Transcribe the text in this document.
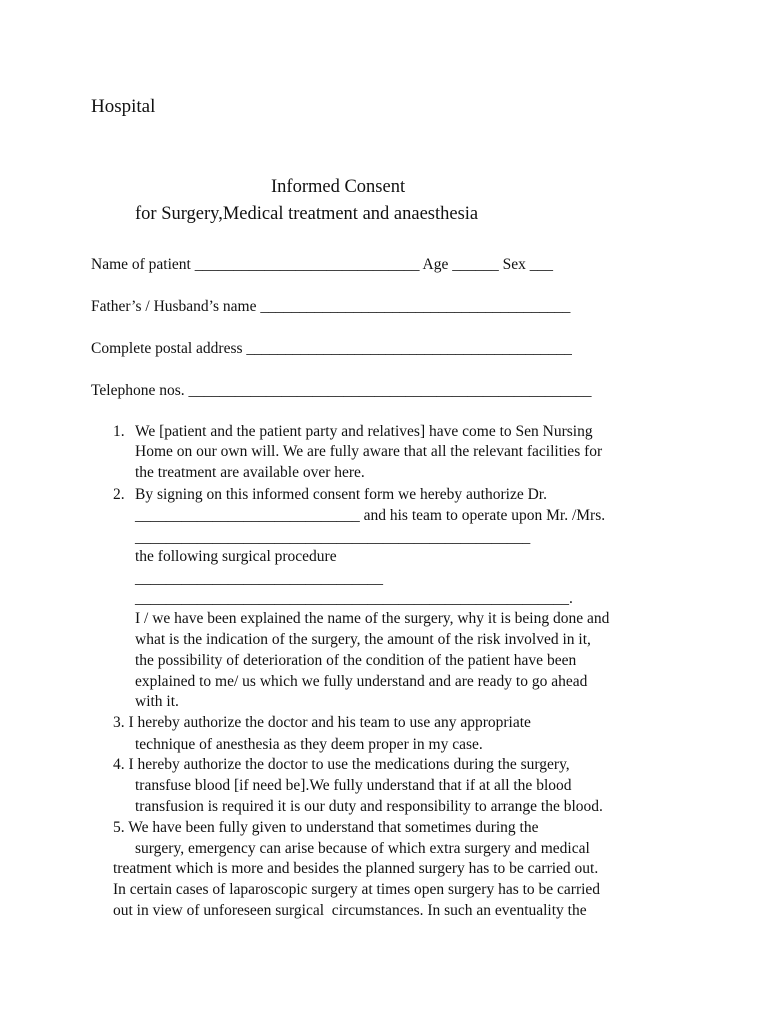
Hospital

Informed Consent

for Surgery,Medical treatment and anaesthesia

Name of patient _____________________________ Age ______ Sex ___

Father’s / Husband’s name ________________________________________

Complete postal address __________________________________________

Telephone nos. ____________________________________________________

1. We [patient and the patient party and relatives] have come to Sen Nursing

Home on our own will. We are fully aware that all the relevant facilities for

the treatment are available over here.

2. By signing on this informed consent form we hereby authorize Dr.

_____________________________ and his team to operate upon Mr. /Mrs.

___________________________________________________

the following surgical procedure

________________________________

________________________________________________________.

I / we have been explained the name of the surgery, why it is being done and

what is the indication of the surgery, the amount of the risk involved in it,

the possibility of deterioration of the condition of the patient have been

explained to me/ us which we fully understand and are ready to go ahead

with it.

3. I hereby authorize the doctor and his team to use any appropriate

technique of anesthesia as they deem proper in my case.

4. I hereby authorize the doctor to use the medications during the surgery,

transfuse blood [if need be].We fully understand that if at all the blood

transfusion is required it is our duty and responsibility to arrange the blood.

5. We have been fully given to understand that sometimes during the

surgery, emergency can arise because of which extra surgery and medical

treatment which is more and besides the planned surgery has to be carried out.

In certain cases of laparoscopic surgery at times open surgery has to be carried

out in view of unforeseen surgical  circumstances. In such an eventuality the
